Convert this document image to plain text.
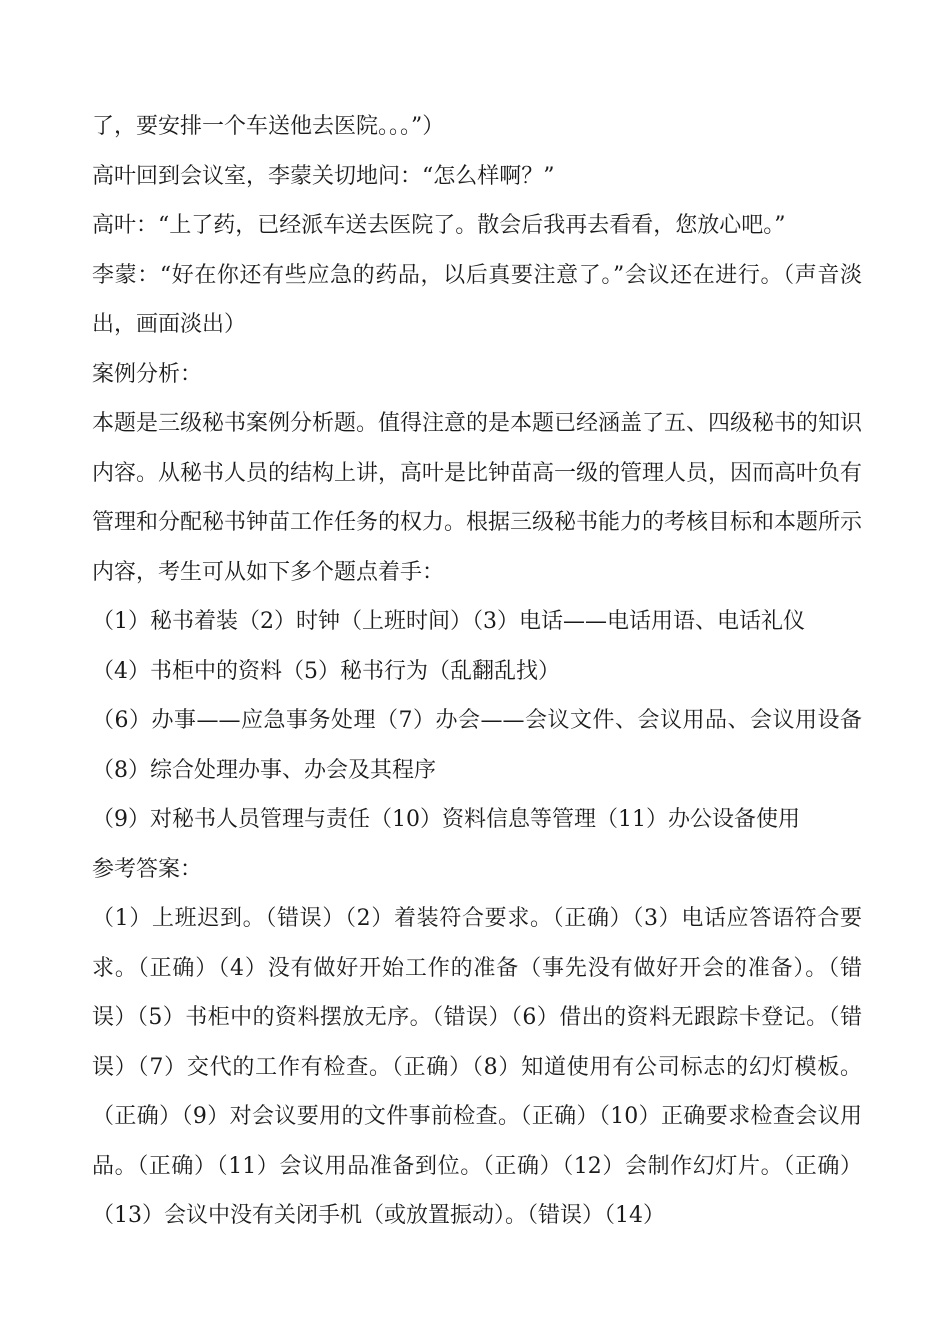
了，要安排一个车送他去医院。。。”）

高叶回到会议室，李蒙关切地问：“怎么样啊？”

高叶：“上了药，已经派车送去医院了。散会后我再去看看，您放心吧。”

李蒙：“好在你还有些应急的药品，以后真要注意了。”会议还在进行。（声音淡出，画面淡出）

案例分析：

本题是三级秘书案例分析题。值得注意的是本题已经涵盖了五、四级秘书的知识内容。从秘书人员的结构上讲，高叶是比钟苗高一级的管理人员，因而高叶负有管理和分配秘书钟苗工作任务的权力。根据三级秘书能力的考核目标和本题所示内容，考生可从如下多个题点着手：

（1）秘书着装（2）时钟（上班时间）（3）电话——电话用语、电话礼仪

（4）书柜中的资料（5）秘书行为（乱翻乱找）

（6）办事——应急事务处理（7）办会——会议文件、会议用品、会议用设备（8）综合处理办事、办会及其程序

（9）对秘书人员管理与责任（10）资料信息等管理（11）办公设备使用

参考答案：

（1）上班迟到。（错误）（2）着装符合要求。（正确）（3）电话应答语符合要求。（正确）（4）没有做好开始工作的准备（事先没有做好开会的准备）。（错误）（5）书柜中的资料摆放无序。（错误）（6）借出的资料无跟踪卡登记。（错误）（7）交代的工作有检查。（正确）（8）知道使用有公司标志的幻灯模板。（正确）（9）对会议要用的文件事前检查。（正确）（10）正确要求检查会议用品。（正确）（11）会议用品准备到位。（正确）（12）会制作幻灯片。（正确）（13）会议中没有关闭手机（或放置振动）。（错误）（14）
